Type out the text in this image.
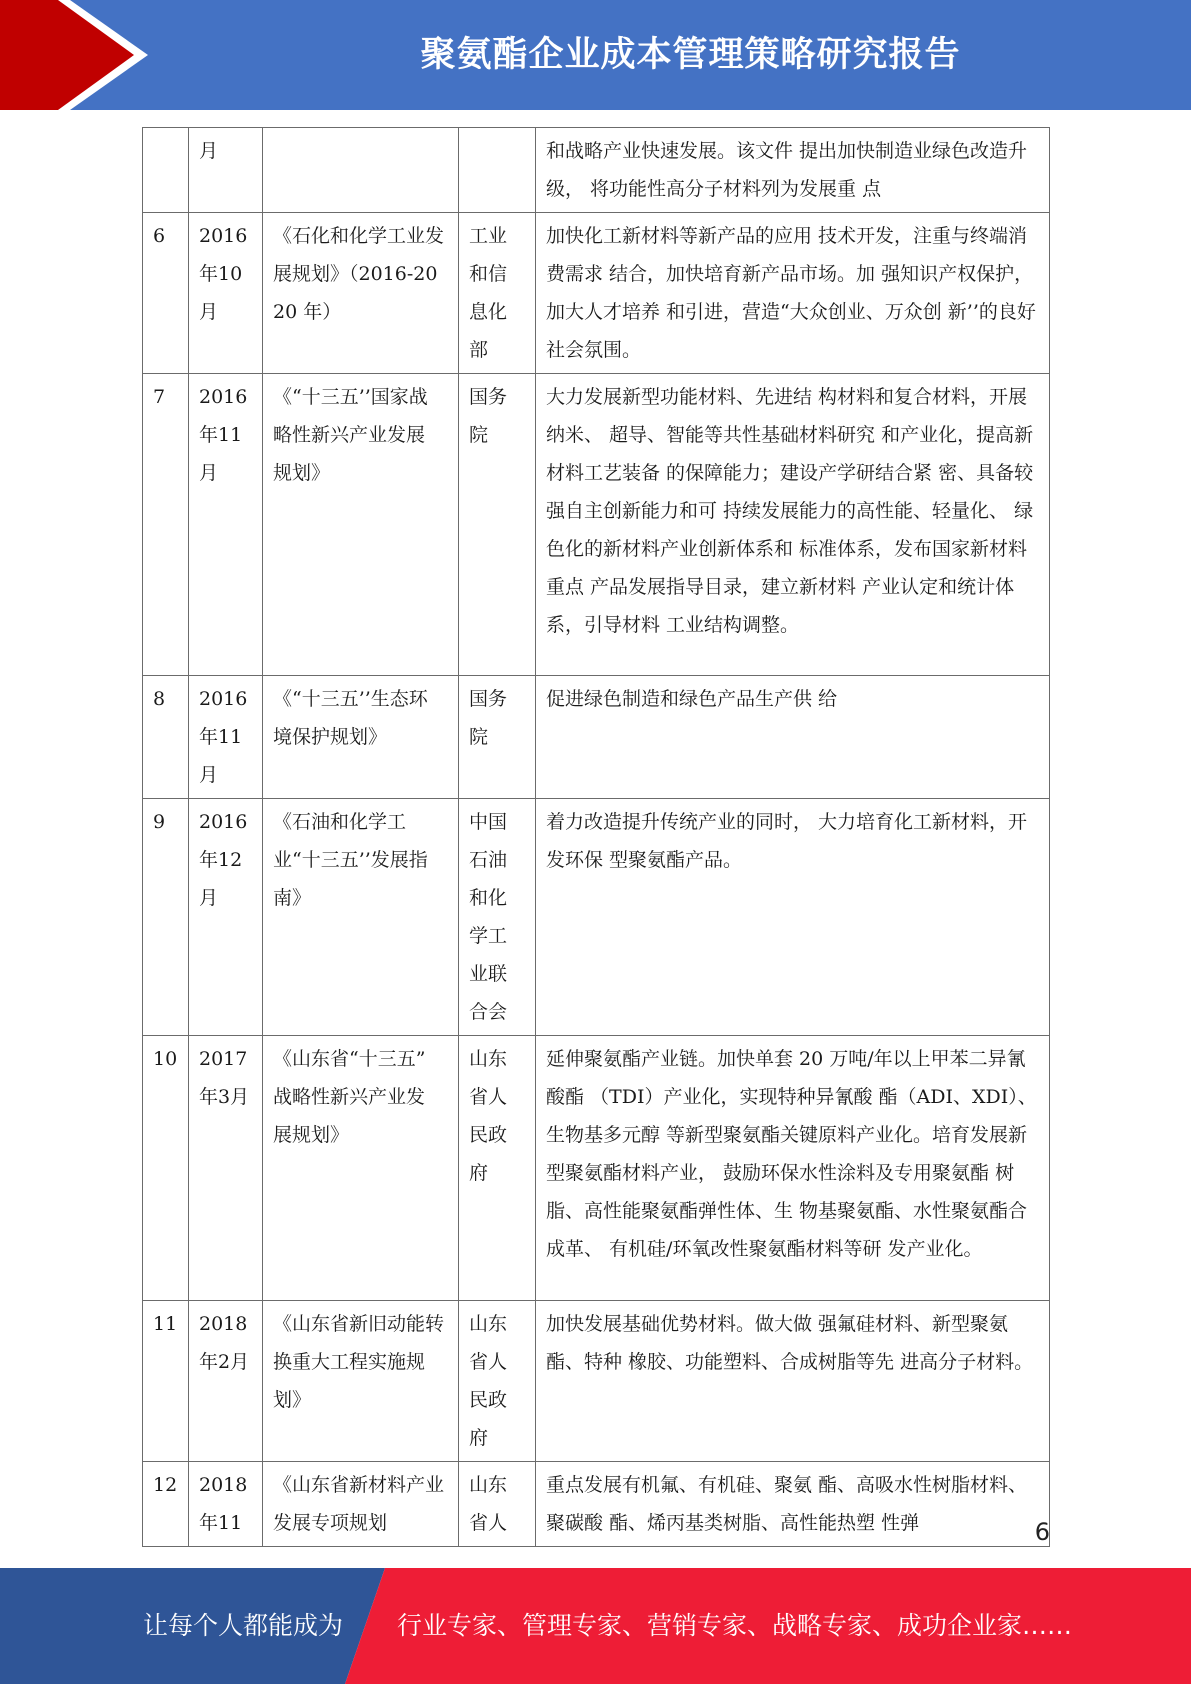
聚氨酯企业成本管理策略研究报告
	月			和战略产业快速发展。该文件 提出加快制造业绿色改造升级， 将功能性高分子材料列为发展重 点
6	2016年10月	《石化和化学工业发展规划》（2016-2020 年）	工业和信息化部	加快化工新材料等新产品的应用 技术开发，注重与终端消费需求 结合，加快培育新产品市场。加 强知识产权保护，加大人才培养 和引进，营造“大众创业、万众创 新’’的良好社会氛围。
7	2016年11月	《“十三五’’国家战 略性新兴产业发展 规划》	国务院	大力发展新型功能材料、先进结 构材料和复合材料，开展纳米、 超导、智能等共性基础材料研究 和产业化，提高新材料工艺装备 的保障能力；建设产学研结合紧 密、具备较强自主创新能力和可 持续发展能力的高性能、轻量化、 绿色化的新材料产业创新体系和 标准体系，发布国家新材料重点 产品发展指导目录，建立新材料 产业认定和统计体系，引导材料 工业结构调整。
8	2016年11月	《“十三五’’生态环 境保护规划》	国务院	促进绿色制造和绿色产品生产供 给
9	2016年12月	《石油和化学工业“十三五’’发展指南》	中国石油和化学工业联合会	着力改造提升传统产业的同时， 大力培育化工新材料，开发环保 型聚氨酯产品。
10	2017年3月	《山东省“十三五” 战略性新兴产业发 展规划》	山东省人民政府	延伸聚氨酯产业链。加快单套 20 万吨/年以上甲苯二异氰酸酯 （TDI）产业化，实现特种异氰酸 酯（ADI、XDI）、生物基多元醇 等新型聚氨酯关键原料产业化。培育发展新型聚氨酯材料产业， 鼓励环保水性涂料及专用聚氨酯 树脂、高性能聚氨酯弹性体、生 物基聚氨酯、水性聚氨酯合成革、 有机硅/环氧改性聚氨酯材料等研 发产业化。
11	2018年2月	《山东省新旧动能转换重大工程实施规划》	山东省人民政府	加快发展基础优势材料。做大做 强氟硅材料、新型聚氨酯、特种 橡胶、功能塑料、合成树脂等先 进高分子材料。
12	2018年11	《山东省新材料产业发展专项规划	山东省人	重点发展有机氟、有机硅、聚氨 酯、高吸水性树脂材料、聚碳酸 酯、烯丙基类树脂、高性能热塑 性弹	6
让每个人都能成为 行业专家、管理专家、营销专家、战略专家、成功企业家……
